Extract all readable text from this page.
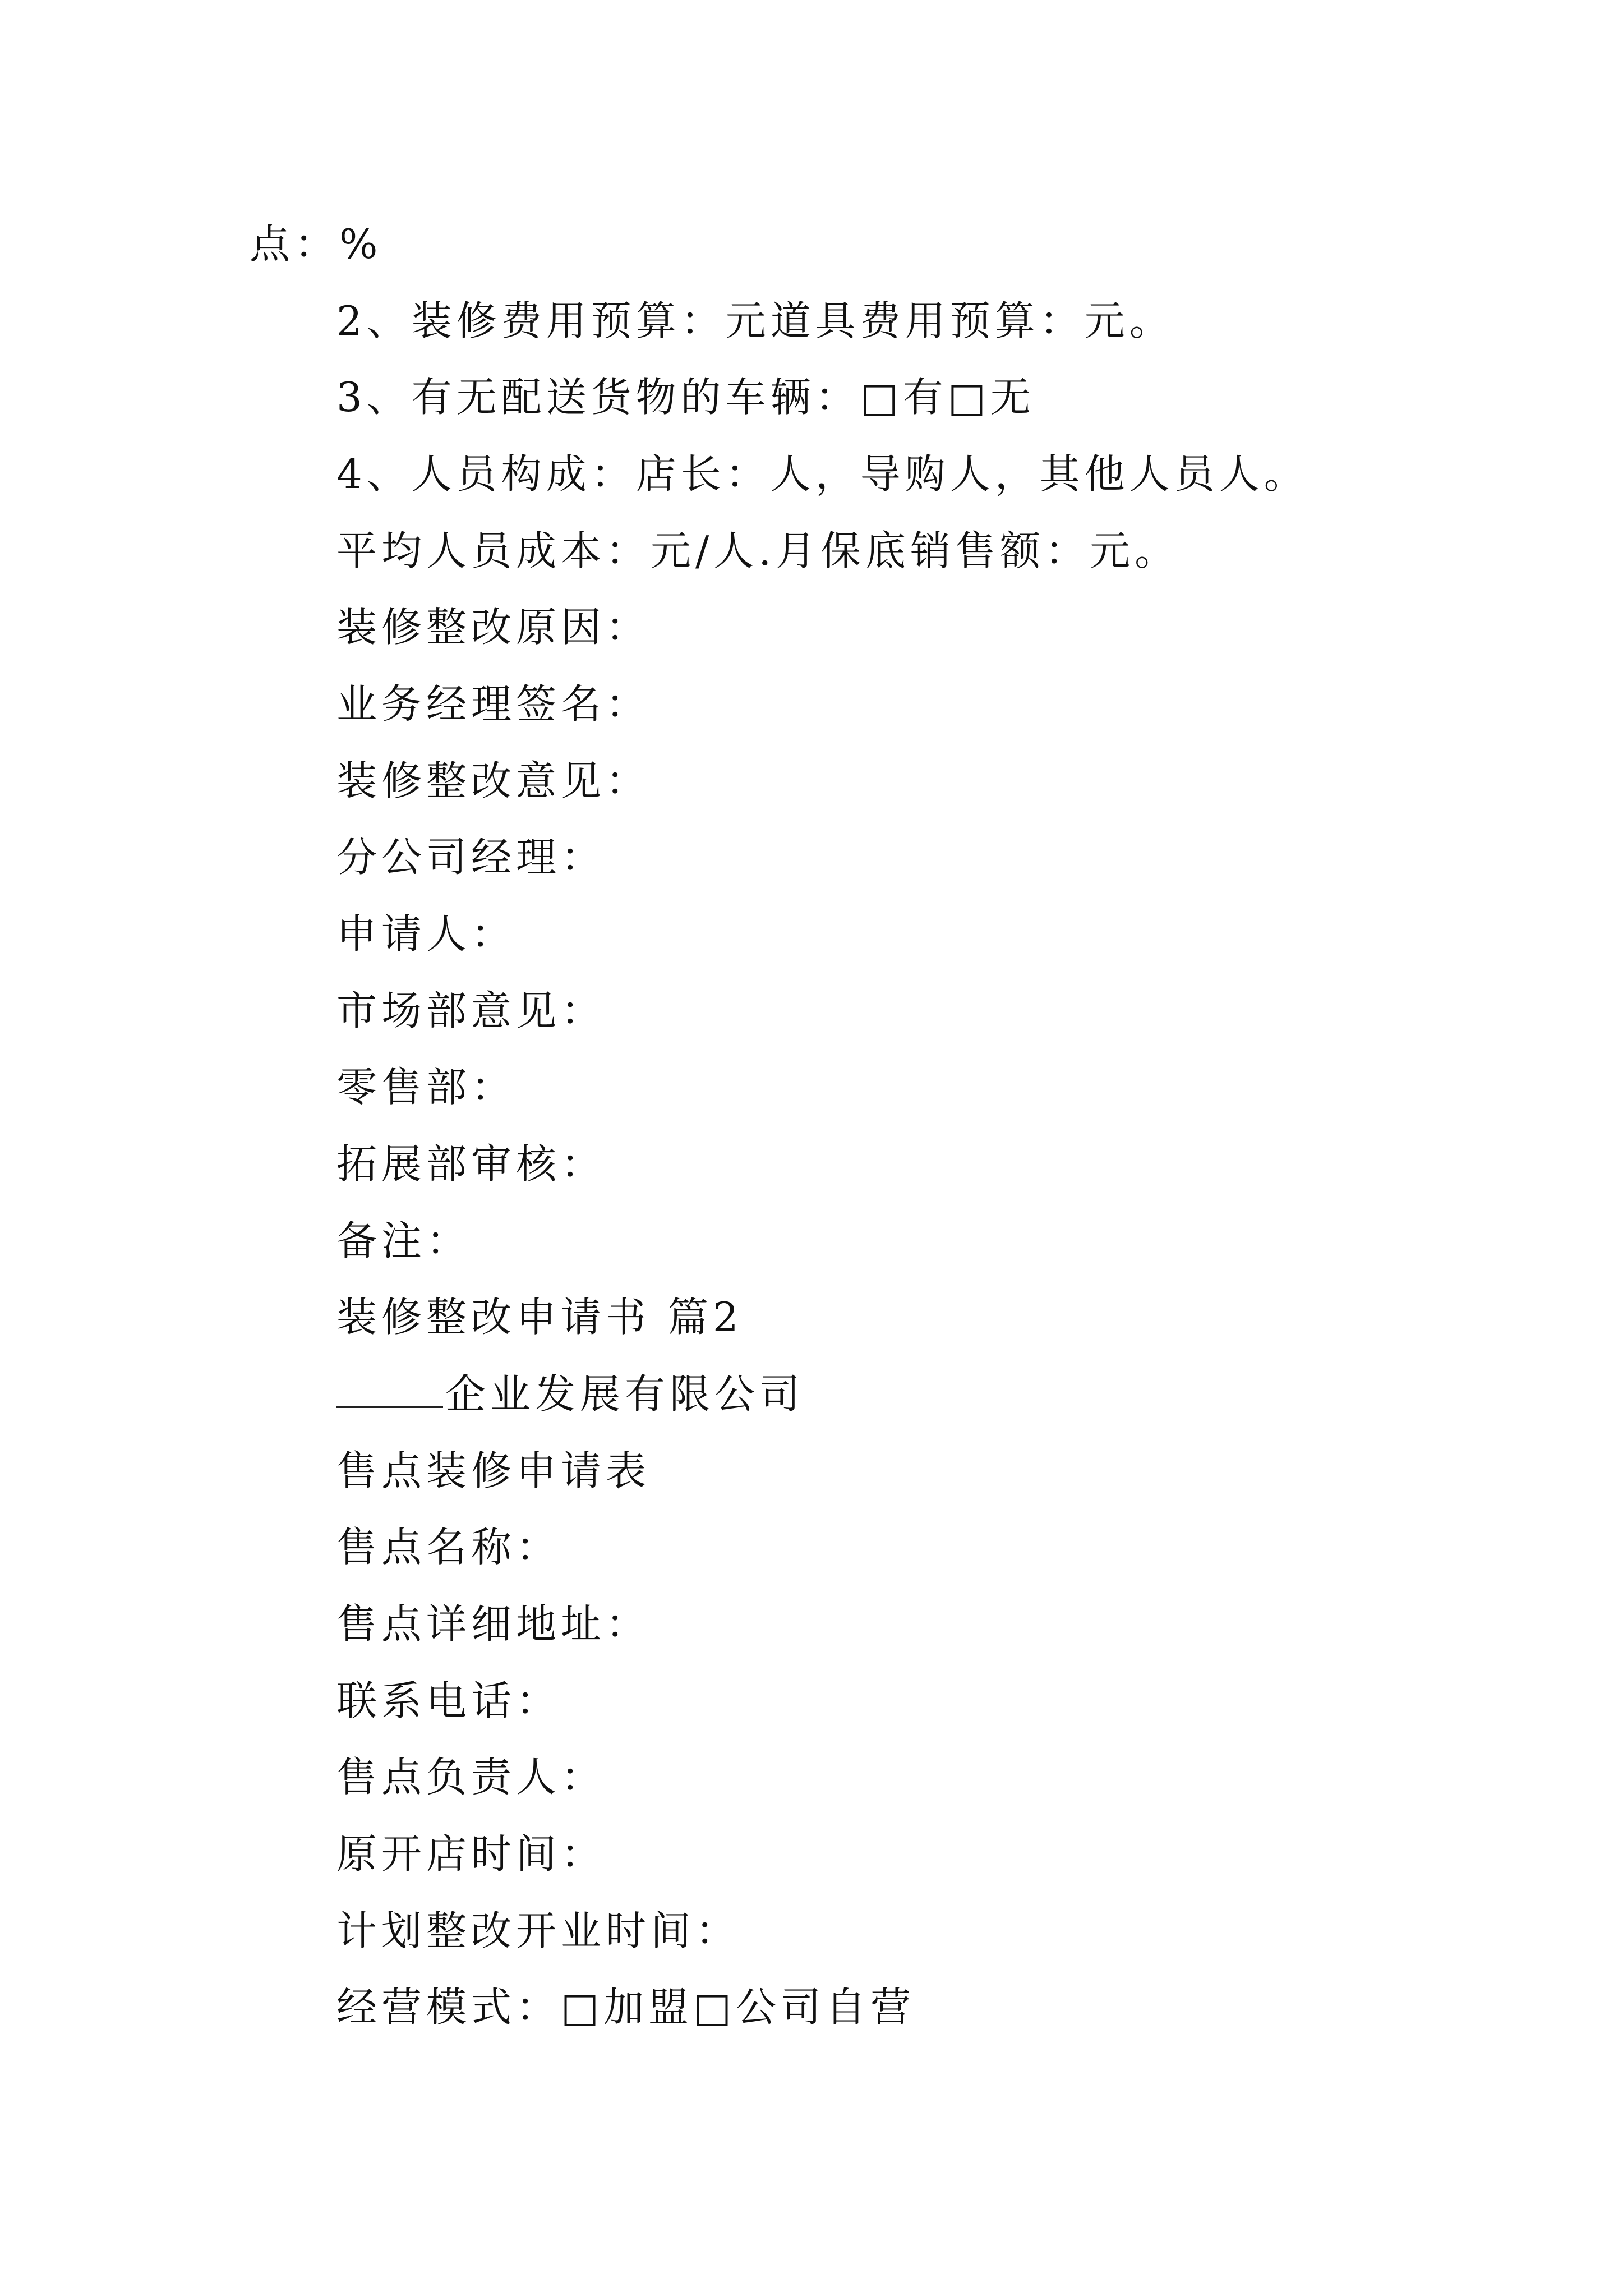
点：%
2、装修费用预算：元道具费用预算：元。
3、有无配送货物的车辆：□有□无
4、人员构成：店长：人，导购人，其他人员人。
平均人员成本：元/人.月保底销售额：元。
装修整改原因：
业务经理签名：
装修整改意见：
分公司经理：
申请人：
市场部意见：
零售部：
拓展部审核：
备注：
装修整改申请书 篇2
企业发展有限公司
售点装修申请表
售点名称：
售点详细地址：
联系电话：
售点负责人：
原开店时间：
计划整改开业时间：
经营模式：□加盟□公司自营
